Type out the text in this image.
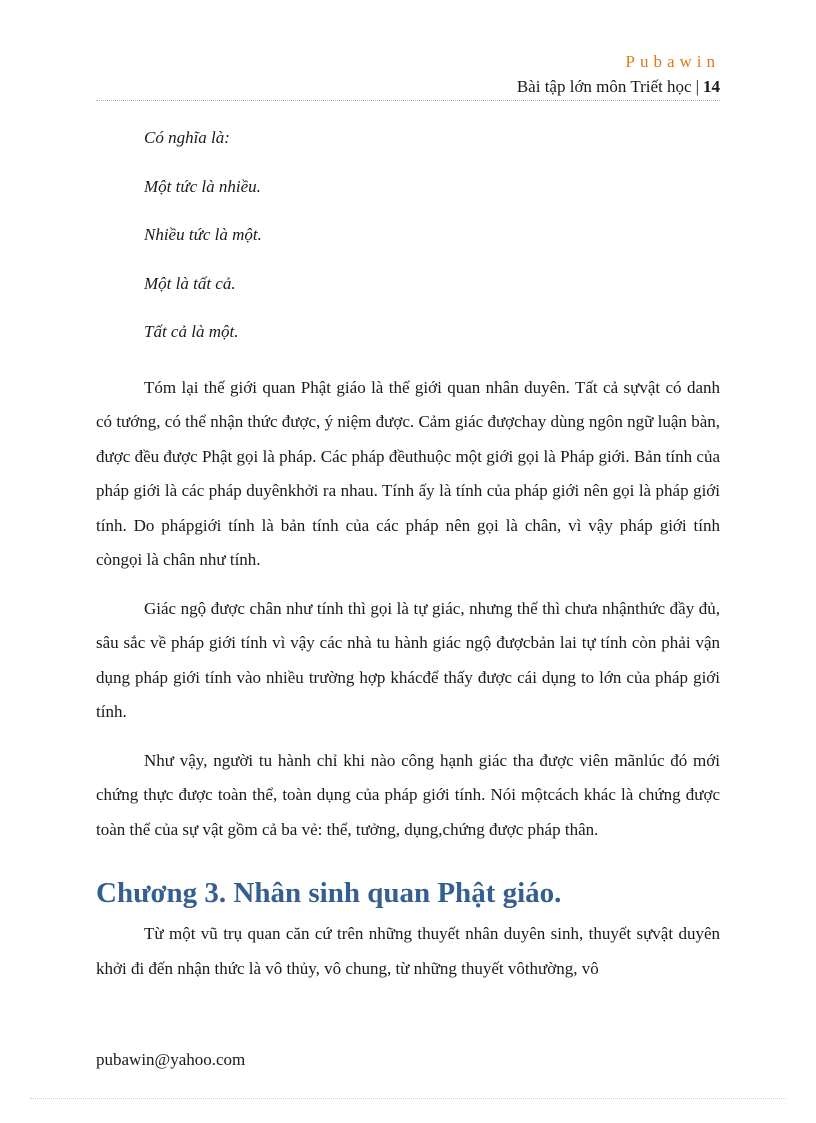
Pubawin
Bài tập lớn môn Triết học | 14
Có nghĩa là:
Một tức là nhiều.
Nhiều tức là một.
Một là tất cả.
Tất cả là một.

Tóm lại thế giới quan Phật giáo là thế giới quan nhân duyên. Tất cả sựvật có danh có tướng, có thể nhận thức được, ý niệm được. Cảm giác đượchay dùng ngôn ngữ luận bàn, được đều được Phật gọi là pháp. Các pháp đềuthuộc một giới gọi là Pháp giới. Bản tính của pháp giới là các pháp duyênkhởi ra nhau. Tính ấy là tính của pháp giới nên gọi là pháp giới tính. Do phápgiới tính là bản tính của các pháp nên gọi là chân, vì vậy pháp giới tính còngọi là chân như tính.

Giác ngộ được chân như tính thì gọi là tự giác, nhưng thế thì chưa nhậnthức đầy đủ, sâu sắc về pháp giới tính vì vậy các nhà tu hành giác ngộ đượcbản lai tự tính còn phải vận dụng pháp giới tính vào nhiều trường hợp khácđể thấy được cái dụng to lớn của pháp giới tính.

Như vậy, người tu hành chỉ khi nào công hạnh giác tha được viên mãnlúc đó mới chứng thực được toàn thể, toàn dụng của pháp giới tính. Nói mộtcách khác là chứng được toàn thể của sự vật gồm cả ba vẻ: thể, tưởng, dụng,chứng được pháp thân.

Chương 3. Nhân sinh quan Phật giáo.

Từ một vũ trụ quan căn cứ trên những thuyết nhân duyên sinh, thuyết sựvật duyên khởi đi đến nhận thức là vô thủy, vô chung, từ những thuyết vôthường, vô

pubawin@yahoo.com
